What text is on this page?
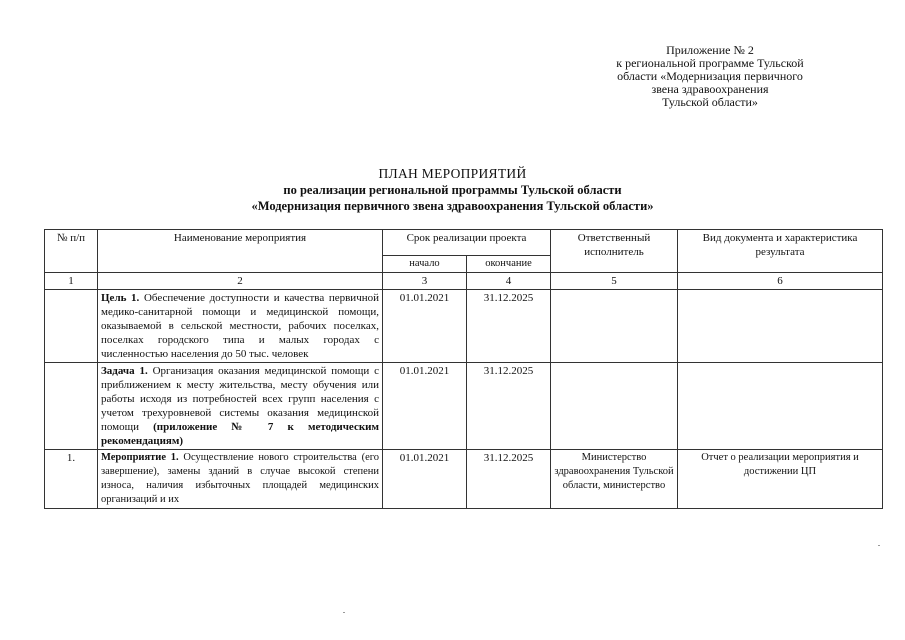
Приложение № 2
к региональной программе Тульской
области «Модернизация первичного
звена здравоохранения
Тульской области»
ПЛАН МЕРОПРИЯТИЙ
по реализации региональной программы Тульской области
«Модернизация первичного звена здравоохранения Тульской области»
№ п/п	Наименование мероприятия	Срок реализации проекта		Ответственный исполнитель	Вид документа и характеристика результата
		начало	окончание		
1	2	3	4	5	6
	Цель 1. Обеспечение доступности и качества первичной медико-санитарной помощи и медицинской помощи, оказываемой в сельской местности, рабочих поселках, поселках городского типа и малых городах с численностью населения до 50 тыс. человек	01.01.2021	31.12.2025		
	Задача 1. Организация оказания медицинской помощи с приближением к месту жительства, месту обучения или работы исходя из потребностей всех групп населения с учетом трехуровневой системы оказания медицинской помощи (приложение № 7 к методическим рекомендациям)	01.01.2021	31.12.2025		
1.	Мероприятие 1. Осуществление нового строительства (его завершение), замены зданий в случае высокой степени износа, наличия избыточных площадей медицинских организаций и их	01.01.2021	31.12.2025	Министерство здравоохранения Тульской области, министерство	Отчет о реализации мероприятия и достижении ЦП
